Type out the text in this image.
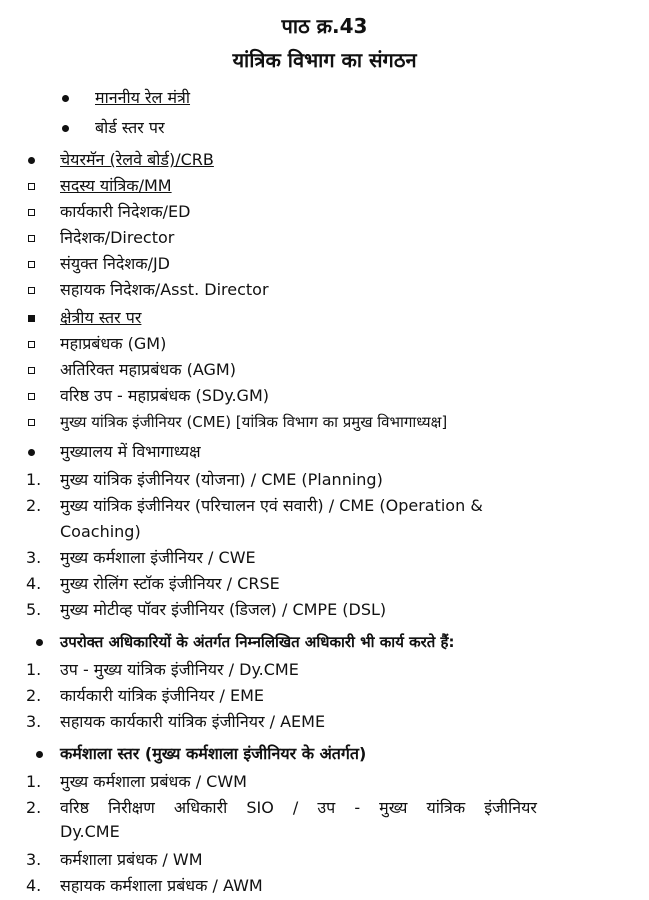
पाठ क्र.43
यांत्रिक विभाग का संगठन
माननीय रेल मंत्री
बोर्ड स्तर पर
चेयरमॅन (रेलवे बोर्ड)/CRB
सदस्य यांत्रिक/MM
कार्यकारी निदेशक/ED
निदेशक/Director
संयुक्त निदेशक/JD
सहायक निदेशक/Asst. Director
क्षेत्रीय स्तर पर
महाप्रबंधक (GM)
अतिरिक्त महाप्रबंधक (AGM)
वरिष्ठ उप - महाप्रबंधक (SDy.GM)
मुख्य यांत्रिक इंजीनियर (CME) [यांत्रिक विभाग का प्रमुख विभागाध्यक्ष]
मुख्यालय में विभागाध्यक्ष
1. मुख्य यांत्रिक इंजीनियर (योजना) / CME (Planning)
2. मुख्य यांत्रिक इंजीनियर (परिचालन एवं सवारी) / CME (Operation &
Coaching)
3. मुख्य कर्मशाला इंजीनियर / CWE
4. मुख्य रोलिंग स्टॉक इंजीनियर / CRSE
5. मुख्य मोटीव्ह पॉवर इंजीनियर (डिजल) / CMPE (DSL)
उपरोक्त अधिकारियों के अंतर्गत निम्नलिखित अधिकारी भी कार्य करते हैं:
1. उप - मुख्य यांत्रिक इंजीनियर / Dy.CME
2. कार्यकारी यांत्रिक इंजीनियर / EME
3. सहायक कार्यकारी यांत्रिक इंजीनियर / AEME
कर्मशाला स्तर (मुख्य कर्मशाला इंजीनियर के अंतर्गत)
1. मुख्य कर्मशाला प्रबंधक / CWM
2. वरिष्ठ निरीक्षण अधिकारी SIO / उप - मुख्य यांत्रिक इंजीनियर
Dy.CME
3. कर्मशाला प्रबंधक / WM
4. सहायक कर्मशाला प्रबंधक / AWM
